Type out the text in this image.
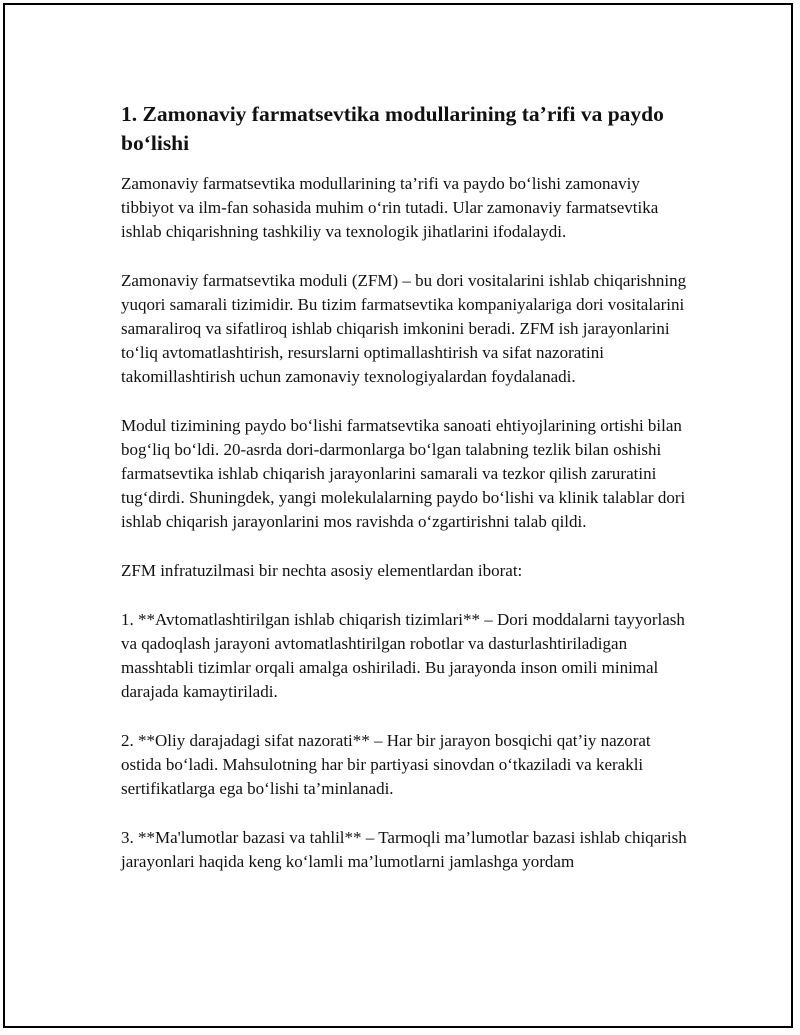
1. Zamonaviy farmatsevtika modullarining ta’rifi va paydo bo‘lishi

Zamonaviy farmatsevtika modullarining ta’rifi va paydo bo‘lishi zamonaviy tibbiyot va ilm-fan sohasida muhim o‘rin tutadi. Ular zamonaviy farmatsevtika ishlab chiqarishning tashkiliy va texnologik jihatlarini ifodalaydi.

Zamonaviy farmatsevtika moduli (ZFM) – bu dori vositalarini ishlab chiqarishning yuqori samarali tizimidir. Bu tizim farmatsevtika kompaniyalariga dori vositalarini samaraliroq va sifatliroq ishlab chiqarish imkonini beradi. ZFM ish jarayonlarini to‘liq avtomatlashtirish, resurslarni optimallashtirish va sifat nazoratini takomillashtirish uchun zamonaviy texnologiyalardan foydalanadi.

Modul tizimining paydo bo‘lishi farmatsevtika sanoati ehtiyojlarining ortishi bilan bog‘liq bo‘ldi. 20-asrda dori-darmonlarga bo‘lgan talabning tezlik bilan oshishi farmatsevtika ishlab chiqarish jarayonlarini samarali va tezkor qilish zaruratini tug‘dirdi. Shuningdek, yangi molekulalarning paydo bo‘lishi va klinik talablar dori ishlab chiqarish jarayonlarini mos ravishda o‘zgartirishni talab qildi.

ZFM infratuzilmasi bir nechta asosiy elementlardan iborat:

1. **Avtomatlashtirilgan ishlab chiqarish tizimlari** – Dori moddalarni tayyorlash va qadoqlash jarayoni avtomatlashtirilgan robotlar va dasturlashtiriladigan masshtabli tizimlar orqali amalga oshiriladi. Bu jarayonda inson omili minimal darajada kamaytiriladi.

2. **Oliy darajadagi sifat nazorati** – Har bir jarayon bosqichi qat’iy nazorat ostida bo‘ladi. Mahsulotning har bir partiyasi sinovdan o‘tkaziladi va kerakli sertifikatlarga ega bo‘lishi ta’minlanadi.

3. **Ma'lumotlar bazasi va tahlil** – Tarmoqli ma’lumotlar bazasi ishlab chiqarish jarayonlari haqida keng ko‘lamli ma’lumotlarni jamlashga yordam
